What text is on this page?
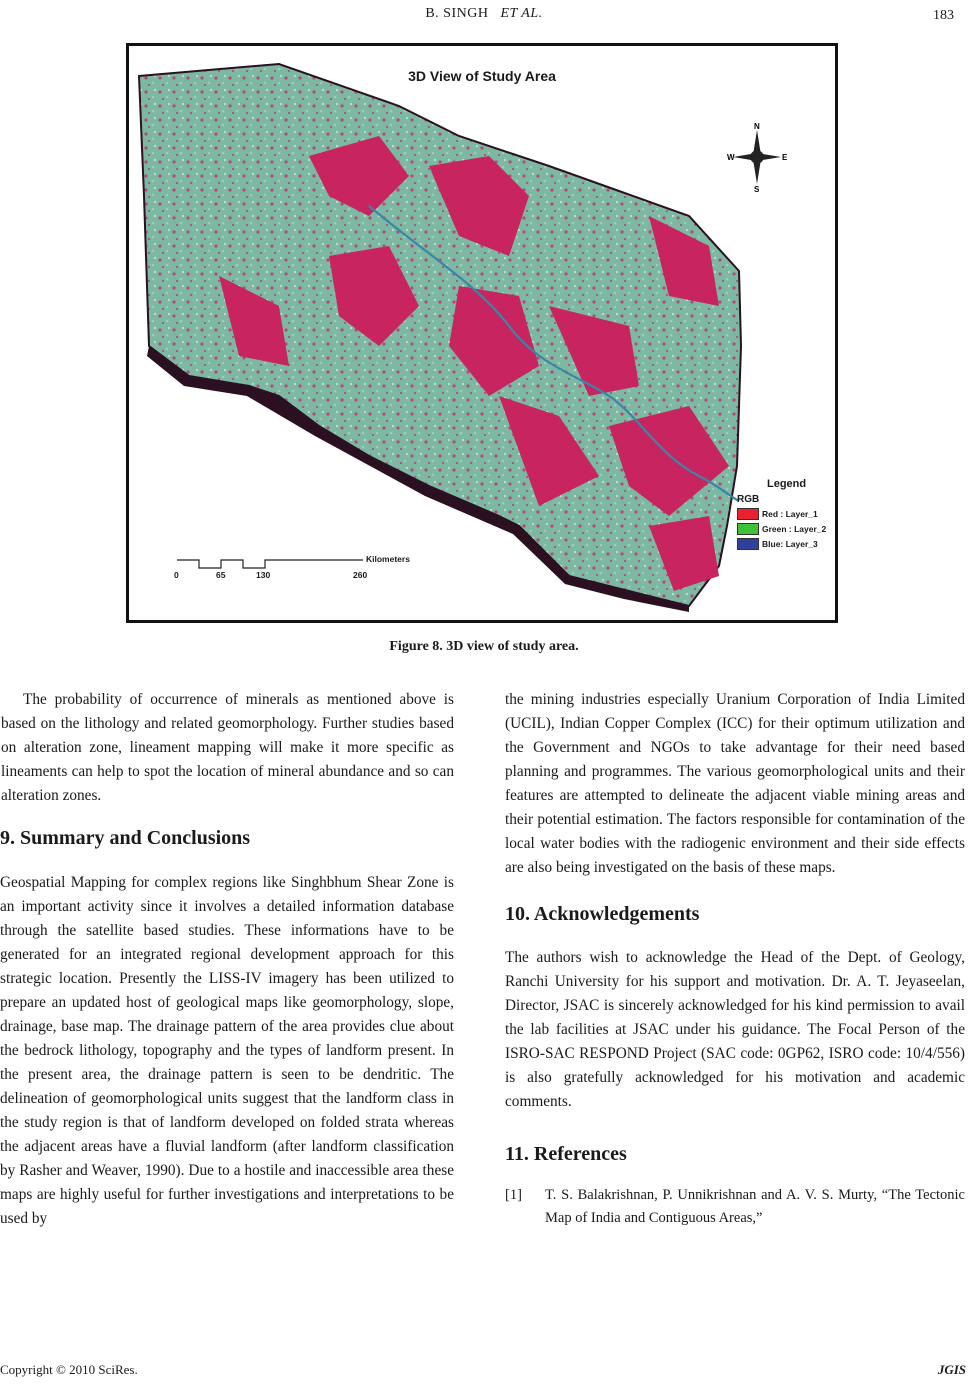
B. SINGH ET AL.	183
3D View of Study Area
N
S
W	E
Legend
RGB
Red : Layer_1
Green : Layer_2
Blue: Layer_3
Kilometers
0	65	130	260
Figure 8. 3D view of study area.

The probability of occurrence of minerals as mentioned above is based on the lithology and related geomorphology. Further studies based on alteration zone, lineament mapping will make it more specific as lineaments can help to spot the location of mineral abundance and so can alteration zones.

9. Summary and Conclusions

Geospatial Mapping for complex regions like Singhbhum Shear Zone is an important activity since it involves a detailed information database through the satellite based studies. These informations have to be generated for an integrated regional development approach for this strategic location. Presently the LISS-IV imagery has been utilized to prepare an updated host of geological maps like geomorphology, slope, drainage, base map. The drainage pattern of the area provides clue about the bedrock lithology, topography and the types of landform present. In the present area, the drainage pattern is seen to be dendritic. The delineation of geomorphological units suggest that the landform class in the study region is that of landform developed on folded strata whereas the adjacent areas have a fluvial landform (after landform classification by Rasher and Weaver, 1990). Due to a hostile and inaccessible area these maps are highly useful for further investigations and interpretations to be used by

the mining industries especially Uranium Corporation of India Limited (UCIL), Indian Copper Complex (ICC) for their optimum utilization and the Government and NGOs to take advantage for their need based planning and programmes. The various geomorphological units and their features are attempted to delineate the adjacent viable mining areas and their potential estimation. The factors responsible for contamination of the local water bodies with the radiogenic environment and their side effects are also being investigated on the basis of these maps.

10. Acknowledgements

The authors wish to acknowledge the Head of the Dept. of Geology, Ranchi University for his support and motivation. Dr. A. T. Jeyaseelan, Director, JSAC is sincerely acknowledged for his kind permission to avail the lab facilities at JSAC under his guidance. The Focal Person of the ISRO-SAC RESPOND Project (SAC code: 0GP62, ISRO code: 10/4/556) is also gratefully acknowledged for his motivation and academic comments.

11. References
[1]	T. S. Balakrishnan, P. Unnikrishnan and A. V. S. Murty, “The Tectonic Map of India and Contiguous Areas,”
Copyright © 2010 SciRes.	JGIS
